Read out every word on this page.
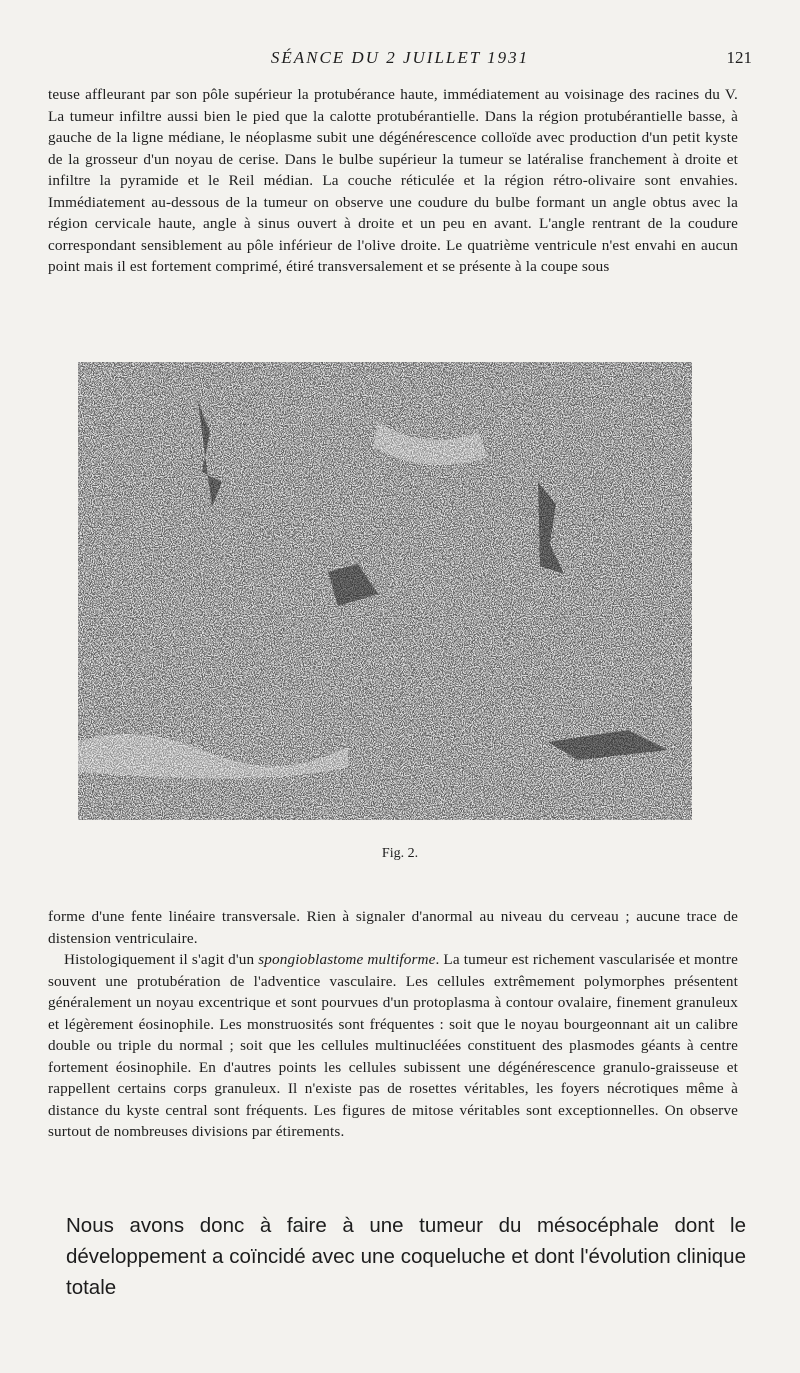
SÉANCE DU 2 JUILLET 1931	121

teuse affleurant par son pôle supérieur la protubérance haute, immédiatement au voisinage des racines du V. La tumeur infiltre aussi bien le pied que la calotte protubérantielle. Dans la région protubérantielle basse, à gauche de la ligne médiane, le néoplasme subit une dégénérescence colloïde avec production d'un petit kyste de la grosseur d'un noyau de cerise. Dans le bulbe supérieur la tumeur se latéralise franchement à droite et infiltre la pyramide et le Reil médian. La couche réticulée et la région rétro-olivaire sont envahies. Immédiatement au-dessous de la tumeur on observe une coudure du bulbe formant un angle obtus avec la région cervicale haute, angle à sinus ouvert à droite et un peu en avant. L'angle rentrant de la coudure correspondant sensiblement au pôle inférieur de l'olive droite. Le quatrième ventricule n'est envahi en aucun point mais il est fortement comprimé, étiré transversalement et se présente à la coupe sous

Fig. 2.

forme d'une fente linéaire transversale. Rien à signaler d'anormal au niveau du cerveau ; aucune trace de distension ventriculaire.
Histologiquement il s'agit d'un spongioblastome multiforme. La tumeur est richement vascularisée et montre souvent une protubération de l'adventice vasculaire. Les cellules extrêmement polymorphes présentent généralement un noyau excentrique et sont pourvues d'un protoplasma à contour ovalaire, finement granuleux et légèrement éosinophile. Les monstruosités sont fréquentes : soit que le noyau bourgeonnant ait un calibre double ou triple du normal ; soit que les cellules multinucléées constituent des plasmodes géants à centre fortement éosinophile. En d'autres points les cellules subissent une dégénérescence granulo-graisseuse et rappellent certains corps granuleux. Il n'existe pas de rosettes véritables, les foyers nécrotiques même à distance du kyste central sont fréquents. Les figures de mitose véritables sont exceptionnelles. On observe surtout de nombreuses divisions par étirements.

Nous avons donc à faire à une tumeur du mésocéphale dont le développement a coïncidé avec une coqueluche et dont l'évolution clinique totale
